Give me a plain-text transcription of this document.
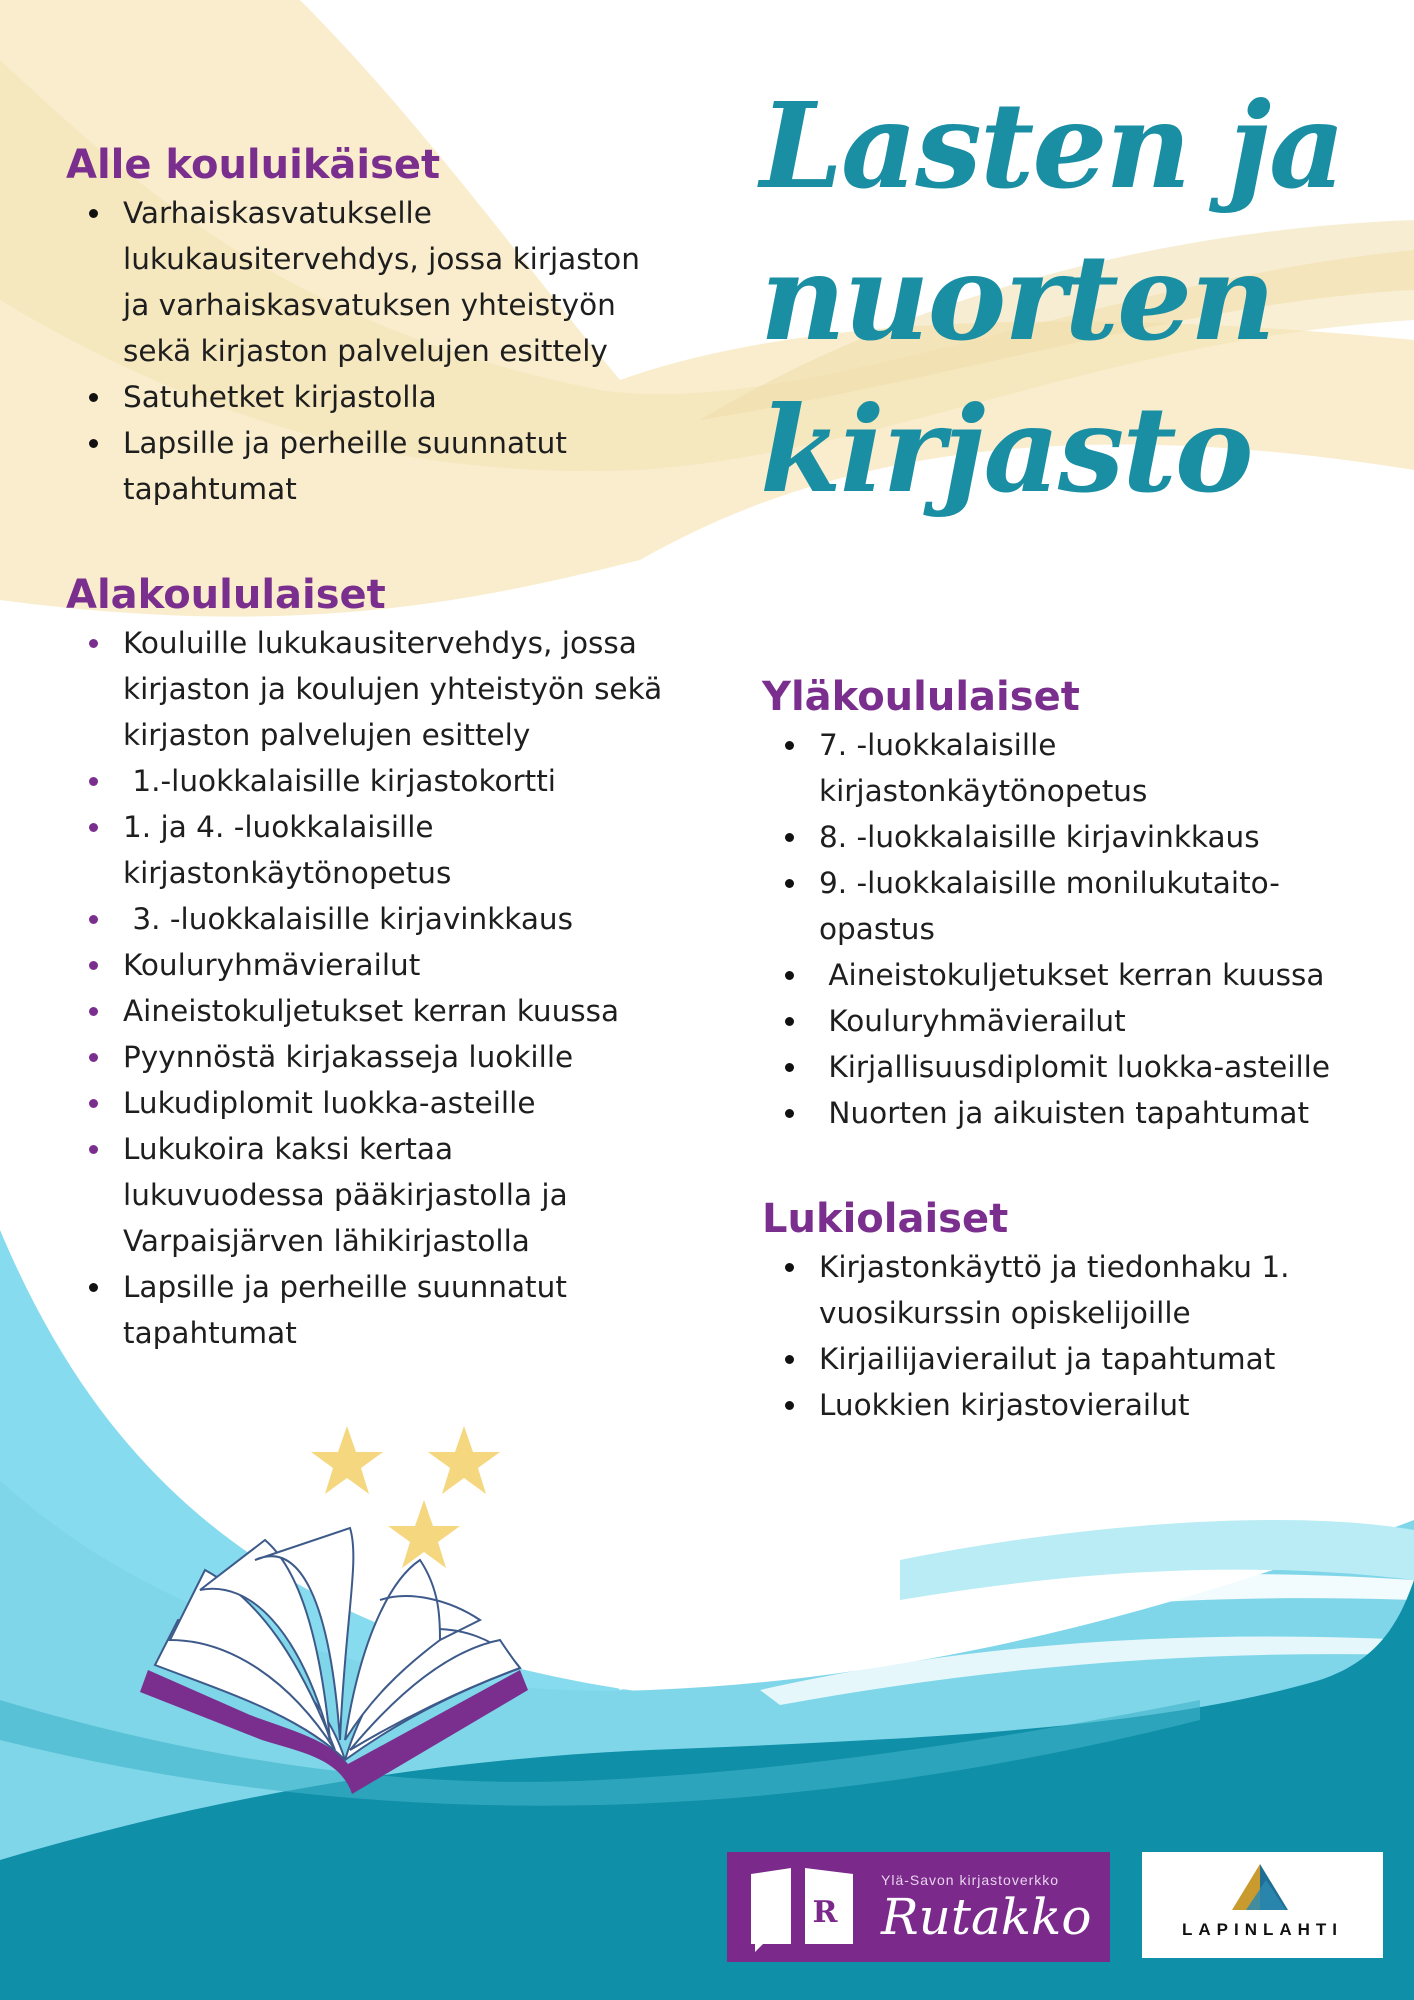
Lasten ja
nuorten
kirjasto
Alle kouluikäiset
Varhaiskasvatukselle
lukukausitervehdys, jossa kirjaston
ja varhaiskasvatuksen yhteistyön
sekä kirjaston palvelujen esittely
Satuhetket kirjastolla
Lapsille ja perheille suunnatut
tapahtumat
Alakoululaiset
Kouluille lukukausitervehdys, jossa
kirjaston ja koulujen yhteistyön sekä
kirjaston palvelujen esittely
1.-luokkalaisille kirjastokortti
1. ja 4. -luokkalaisille
kirjastonkäytönopetus
3. -luokkalaisille kirjavinkkaus
Kouluryhmävierailut
Aineistokuljetukset kerran kuussa
Pyynnöstä kirjakasseja luokille
Lukudiplomit luokka-asteille
Lukukoira kaksi kertaa
lukuvuodessa pääkirjastolla ja
Varpaisjärven lähikirjastolla
Lapsille ja perheille suunnatut
tapahtumat
Yläkoululaiset
7. -luokkalaisille
kirjastonkäytönopetus
8. -luokkalaisille kirjavinkkaus
9. -luokkalaisille monilukutaito-
opastus
Aineistokuljetukset kerran kuussa
Kouluryhmävierailut
Kirjallisuusdiplomit luokka-asteille
Nuorten ja aikuisten tapahtumat
Lukiolaiset
Kirjastonkäyttö ja tiedonhaku 1.
vuosikurssin opiskelijoille
Kirjailijavierailut ja tapahtumat
Luokkien kirjastovierailut
R
Ylä-Savon kirjastoverkko
Rutakko	LAPINLAHTI
